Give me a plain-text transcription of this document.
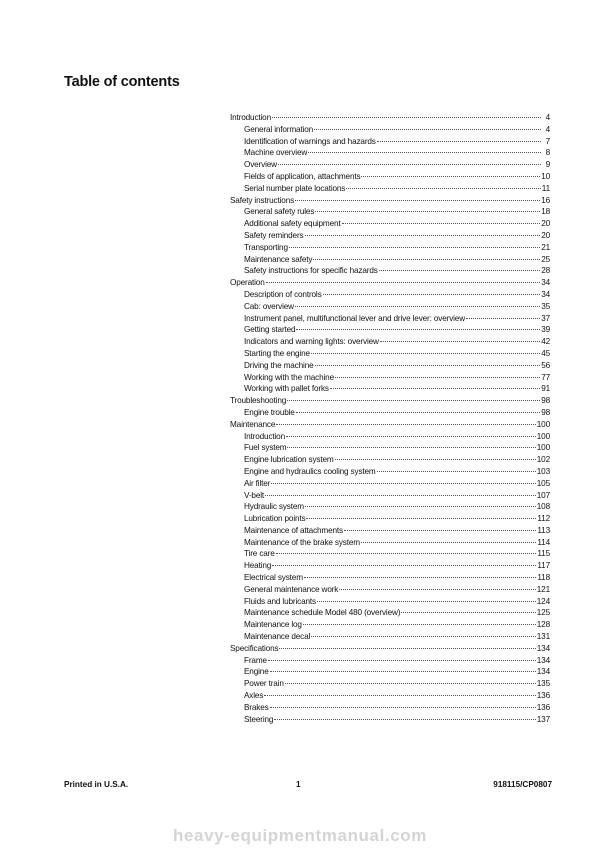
Table of contents
Introduction	4
General information	4
Identification of warnings and hazards	7
Machine overview	8
Overview	9
Fields of application, attachments	10
Serial number plate locations	11
Safety instructions	16
General safety rules	18
Additional safety equipment	20
Safety reminders	20
Transporting	21
Maintenance safety	25
Safety instructions for specific hazards	28
Operation	34
Description of controls	34
Cab: overview	35
Instrument panel, multifunctional lever and drive lever: overview	37
Getting started	39
Indicators and warning lights: overview	42
Starting the engine	45
Driving the machine	56
Working with the machine	77
Working with pallet forks	91
Troubleshooting	98
Engine trouble	98
Maintenance	100
Introduction	100
Fuel system	100
Engine lubrication system	102
Engine and hydraulics cooling system	103
Air filter	105
V-belt	107
Hydraulic system	108
Lubrication points	112
Maintenance of attachments	113
Maintenance of the brake system	114
Tire care	115
Heating	117
Electrical system	118
General maintenance work	121
Fluids and lubricants	124
Maintenance schedule Model 480 (overview)	125
Maintenance log	128
Maintenance decal	131
Specifications	134
Frame	134
Engine	134
Power train	135
Axles	136
Brakes	136
Steering	137
Printed in U.S.A.	1	918115/CP0807
heavy-equipmentmanual.com
